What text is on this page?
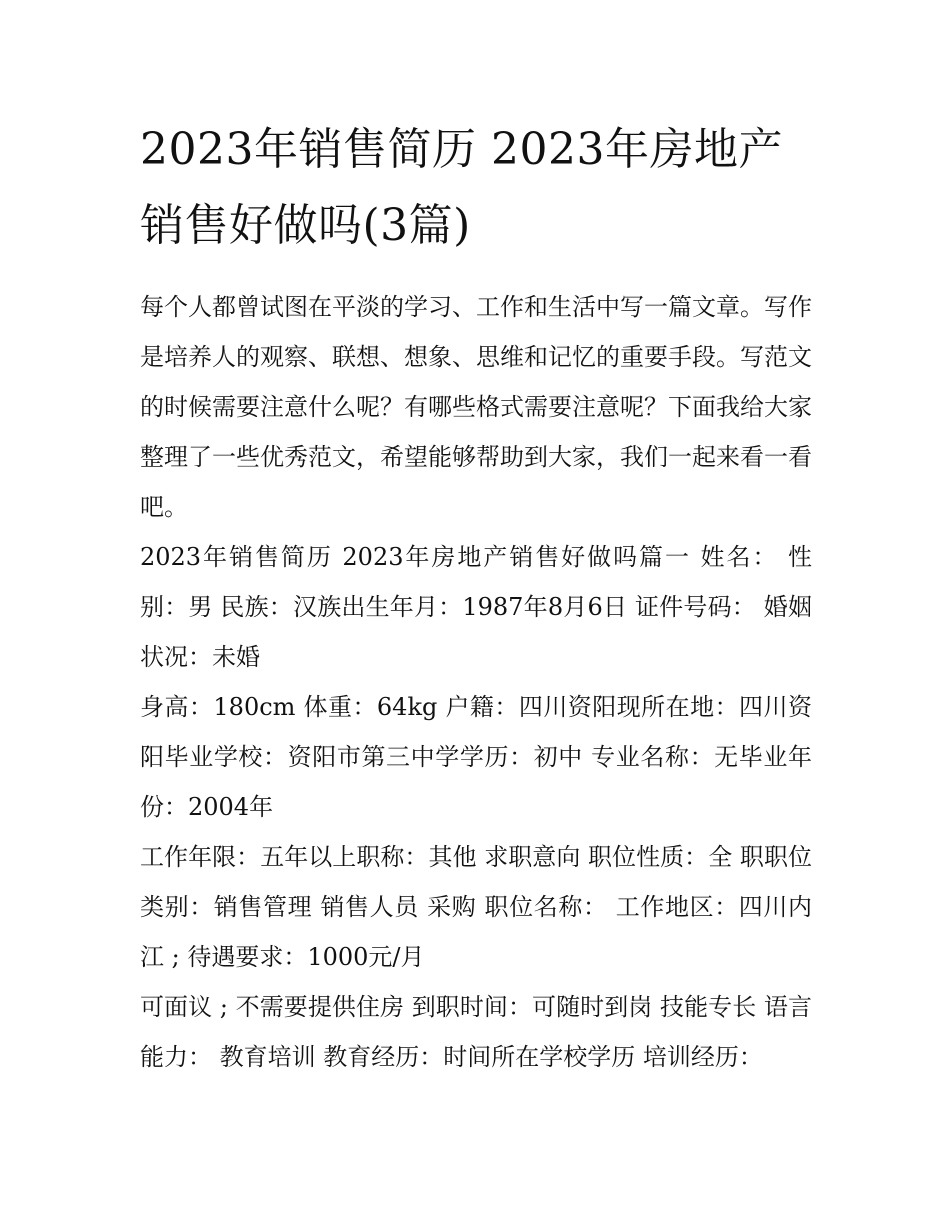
2023年销售简历 2023年房地产销售好做吗(3篇)

每个人都曾试图在平淡的学习、工作和生活中写一篇文章。写作是培养人的观察、联想、想象、思维和记忆的重要手段。写范文的时候需要注意什么呢？有哪些格式需要注意呢？下面我给大家整理了一些优秀范文，希望能够帮助到大家，我们一起来看一看吧。

2023年销售简历 2023年房地产销售好做吗篇一 姓名： 性别：男 民族：汉族出生年月：1987年8月6日 证件号码： 婚姻状况：未婚

身高：180cm 体重：64kg 户籍：四川资阳现所在地：四川资阳毕业学校：资阳市第三中学学历：初中 专业名称：无毕业年份：2004年

工作年限：五年以上职称：其他 求职意向 职位性质：全 职职位类别：销售管理 销售人员 采购 职位名称： 工作地区：四川内江 ; 待遇要求：1000元/月

可面议 ; 不需要提供住房 到职时间：可随时到岗 技能专长 语言能力： 教育培训 教育经历：时间所在学校学历 培训经历：
